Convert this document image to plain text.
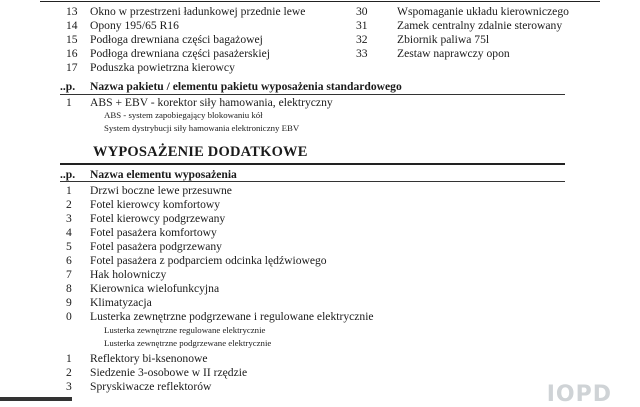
13	Okno w przestrzeni ładunkowej przednie lewe
14	Opony 195/65 R16
15	Podłoga drewniana części bagażowej
16	Podłoga drewniana części pasażerskiej
17	Poduszka powietrzna kierowcy
30	Wspomaganie układu kierowniczego
31	Zamek centralny zdalnie sterowany
32	Zbiornik paliwa 75l
33	Zestaw naprawczy opon
..p.	Nazwa pakietu / elementu pakietu wyposażenia standardowego
1	ABS + EBV - korektor siły hamowania, elektryczny
ABS - system zapobiegający blokowaniu kół
System dystrybucji siły hamowania elektroniczny EBV
WYPOSAŻENIE DODATKOWE
..p.	Nazwa elementu wyposażenia
1	Drzwi boczne lewe przesuwne
2	Fotel kierowcy komfortowy
3	Fotel kierowcy podgrzewany
4	Fotel pasażera komfortowy
5	Fotel pasażera podgrzewany
6	Fotel pasażera z podparciem odcinka lędźwiowego
7	Hak holowniczy
8	Kierownica wielofunkcyjna
9	Klimatyzacja
0	Lusterka zewnętrzne podgrzewane i regulowane elektrycznie
Lusterka zewnętrzne regulowane elektrycznie
Lusterka zewnętrzne podgrzewane elektrycznie
1	Reflektory bi-ksenonowe
2	Siedzenie 3-osobowe w II rzędzie
3	Spryskiwacze reflektorów	IOPD
